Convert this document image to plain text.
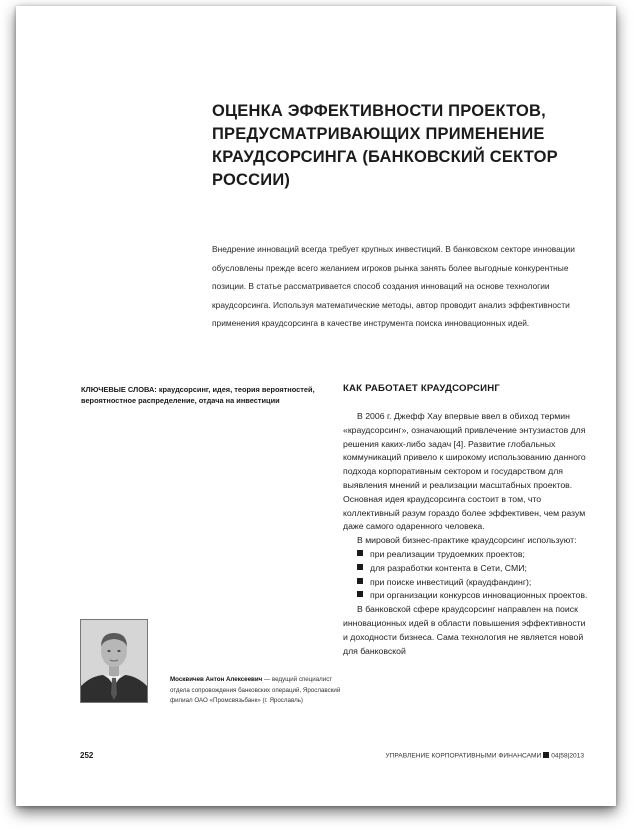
ОЦЕНКА ЭФФЕКТИВНОСТИ ПРОЕКТОВ, ПРЕДУСМАТРИВАЮЩИХ ПРИМЕНЕНИЕ КРАУДСОРСИНГА (БАНКОВСКИЙ СЕКТОР РОССИИ)

Внедрение инноваций всегда требует крупных инвестиций. В банковском секторе инновации обусловлены прежде всего желанием игроков рынка занять более выгодные конкурентные позиции. В статье рассматривается способ создания инноваций на основе технологии краудсорсинга. Используя математические методы, автор проводит анализ эффективности применения краудсорсинга в качестве инструмента поиска инновационных идей.

КЛЮЧЕВЫЕ СЛОВА: краудсорсинг, идея, теория вероятностей, вероятностное распределение, отдача на инвестиции
КАК РАБОТАЕТ КРАУДСОРСИНГ

В 2006 г. Джефф Хау впервые ввел в обиход термин «краудсорсинг», означающий привлечение энтузиастов для решения каких-либо задач [4]. Развитие глобальных коммуникаций привело к широкому использованию данного подхода корпоративным сектором и государством для выявления мнений и реализации масштабных проектов. Основная идея краудсорсинга состоит в том, что коллективный разум гораздо более эффективен, чем разум даже самого одаренного человека.

В мировой бизнес-практике краудсорсинг используют:

при реализации трудоемких проектов;
для разработки контента в Сети, СМИ;
при поиске инвестиций (краудфандинг);
при организации конкурсов инновационных проектов.

В банковской сфере краудсорсинг направлен на поиск инновационных идей в области повышения эффективности и доходности бизнеса. Сама технология не является новой для банковской

Москвичев Антон Алексеевич — ведущий специалист отдела сопровождения банковских операций, Ярославский филиал ОАО «Промсвязьбанк» (г. Ярославль)
252	УПРАВЛЕНИЕ КОРПОРАТИВНЫМИ ФИНАНСАМИ 04|58|2013
